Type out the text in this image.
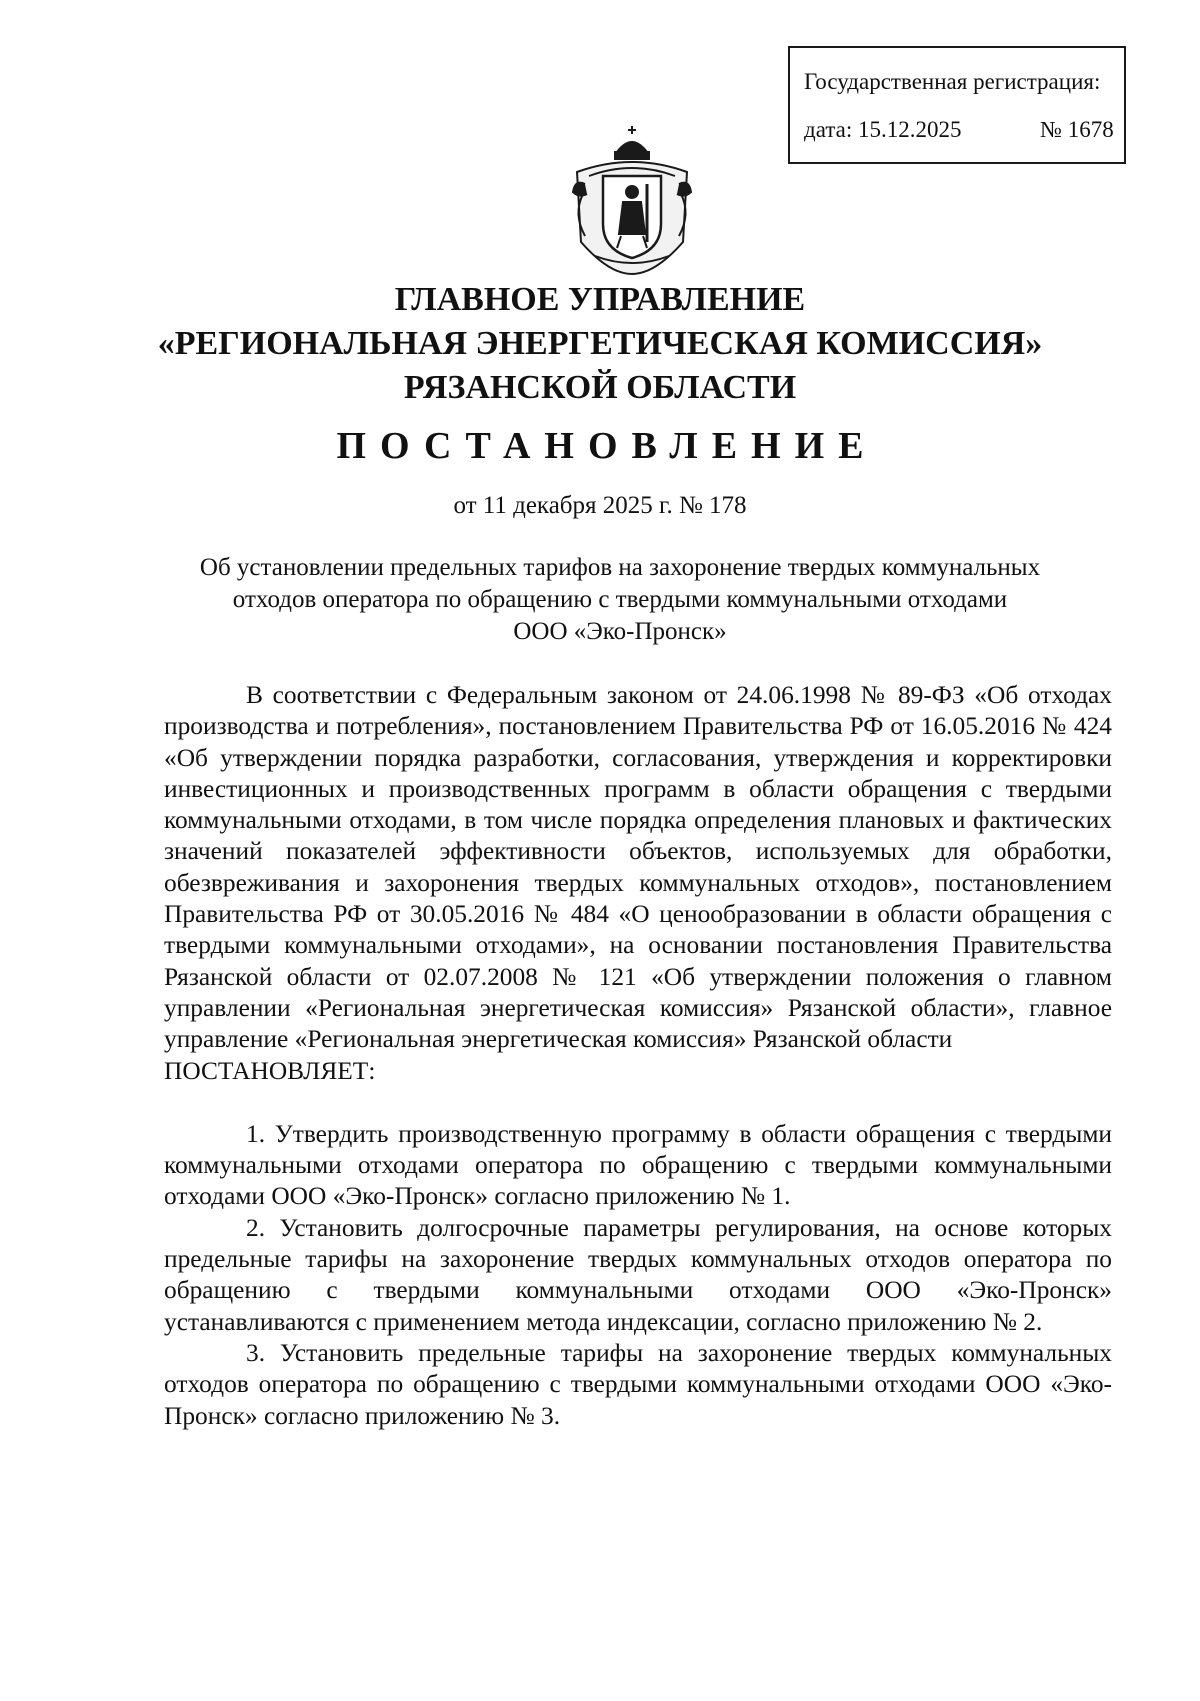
Государственная регистрация:
дата: 15.12.2025	№ 1678
ГЛАВНОЕ УПРАВЛЕНИЕ
«РЕГИОНАЛЬНАЯ ЭНЕРГЕТИЧЕСКАЯ КОМИССИЯ»
РЯЗАНСКОЙ ОБЛАСТИ
ПОСТАНОВЛЕНИЕ
от 11 декабря 2025 г. № 178
Об установлении предельных тарифов на захоронение твердых коммунальных
отходов оператора по обращению с твердыми коммунальными отходами
ООО «Эко-Пронск»

В соответствии с Федеральным законом от 24.06.1998 № 89-ФЗ «Об отходах производства и потребления», постановлением Правительства РФ от 16.05.2016 № 424 «Об утверждении порядка разработки, согласования, утверждения и корректировки инвестиционных и производственных программ в области обращения с твердыми коммунальными отходами, в том числе порядка определения плановых и фактических значений показателей эффективности объектов, используемых для обработки, обезвреживания и захоронения твердых коммунальных отходов», постановлением Правительства РФ от 30.05.2016 № 484 «О ценообразовании в области обращения с твердыми коммунальными отходами», на основании постановления Правительства Рязанской области от 02.07.2008 № 121 «Об утверждении положения о главном управлении «Региональная энергетическая комиссия» Рязанской области», главное управление «Региональная энергетическая комиссия» Рязанской области

ПОСТАНОВЛЯЕТ:

1. Утвердить производственную программу в области обращения с твердыми коммунальными отходами оператора по обращению с твердыми коммунальными отходами ООО «Эко-Пронск» согласно приложению № 1.

2. Установить долгосрочные параметры регулирования, на основе которых предельные тарифы на захоронение твердых коммунальных отходов оператора по обращению с твердыми коммунальными отходами ООО «Эко-Пронск» устанавливаются с применением метода индексации, согласно приложению № 2.

3. Установить предельные тарифы на захоронение твердых коммунальных отходов оператора по обращению с твердыми коммунальными отходами ООО «Эко-Пронск» согласно приложению № 3.
